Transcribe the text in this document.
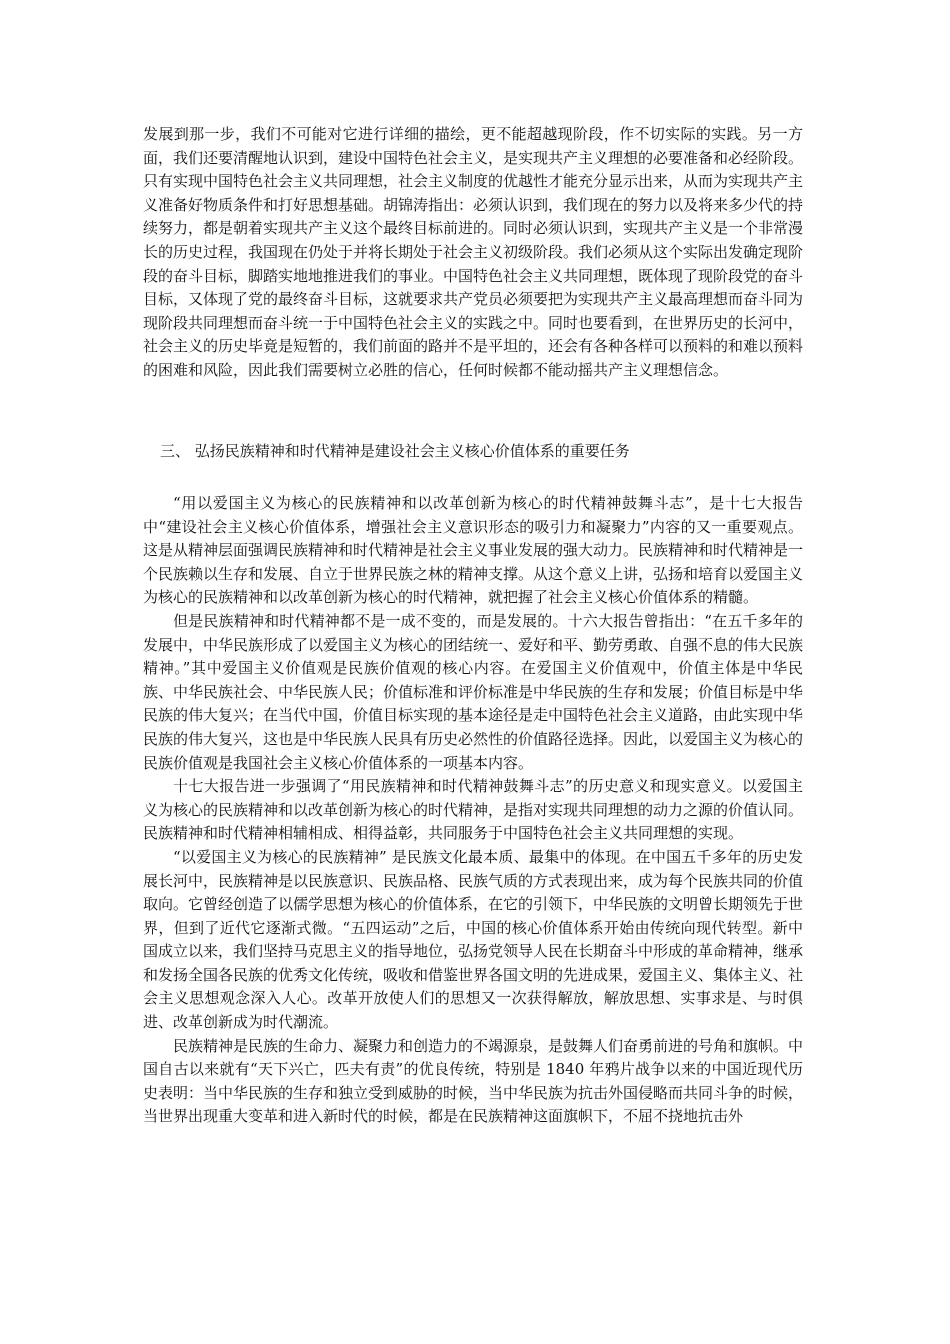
发展到那一步，我们不可能对它进行详细的描绘，更不能超越现阶段，作不切实际的实践。另一方面，我们还要清醒地认识到，建设中国特色社会主义，是实现共产主义理想的必要准备和必经阶段。只有实现中国特色社会主义共同理想，社会主义制度的优越性才能充分显示出来，从而为实现共产主义准备好物质条件和打好思想基础。胡锦涛指出：必须认识到，我们现在的努力以及将来多少代的持续努力，都是朝着实现共产主义这个最终目标前进的。同时必须认识到，实现共产主义是一个非常漫长的历史过程，我国现在仍处于并将长期处于社会主义初级阶段。我们必须从这个实际出发确定现阶段的奋斗目标，脚踏实地地推进我们的事业。中国特色社会主义共同理想，既体现了现阶段党的奋斗目标，又体现了党的最终奋斗目标，这就要求共产党员必须要把为实现共产主义最高理想而奋斗同为现阶段共同理想而奋斗统一于中国特色社会主义的实践之中。同时也要看到，在世界历史的长河中，社会主义的历史毕竟是短暂的，我们前面的路并不是平坦的，还会有各种各样可以预料的和难以预料的困难和风险，因此我们需要树立必胜的信心，任何时候都不能动摇共产主义理想信念。

三、 弘扬民族精神和时代精神是建设社会主义核心价值体系的重要任务

“用以爱国主义为核心的民族精神和以改革创新为核心的时代精神鼓舞斗志”，是十七大报告中“建设社会主义核心价值体系，增强社会主义意识形态的吸引力和凝聚力”内容的又一重要观点。这是从精神层面强调民族精神和时代精神是社会主义事业发展的强大动力。民族精神和时代精神是一个民族赖以生存和发展、自立于世界民族之林的精神支撑。从这个意义上讲，弘扬和培育以爱国主义为核心的民族精神和以改革创新为核心的时代精神，就把握了社会主义核心价值体系的精髓。

但是民族精神和时代精神都不是一成不变的，而是发展的。十六大报告曾指出：“在五千多年的发展中，中华民族形成了以爱国主义为核心的团结统一、爱好和平、勤劳勇敢、自强不息的伟大民族精神。”其中爱国主义价值观是民族价值观的核心内容。在爱国主义价值观中，价值主体是中华民族、中华民族社会、中华民族人民；价值标准和评价标准是中华民族的生存和发展；价值目标是中华民族的伟大复兴；在当代中国，价值目标实现的基本途径是走中国特色社会主义道路，由此实现中华民族的伟大复兴，这也是中华民族人民具有历史必然性的价值路径选择。因此，以爱国主义为核心的民族价值观是我国社会主义核心价值体系的一项基本内容。

十七大报告进一步强调了“用民族精神和时代精神鼓舞斗志”的历史意义和现实意义。以爱国主义为核心的民族精神和以改革创新为核心的时代精神，是指对实现共同理想的动力之源的价值认同。民族精神和时代精神相辅相成、相得益彰，共同服务于中国特色社会主义共同理想的实现。

“以爱国主义为核心的民族精神” 是民族文化最本质、最集中的体现。在中国五千多年的历史发展长河中，民族精神是以民族意识、民族品格、民族气质的方式表现出来，成为每个民族共同的价值取向。它曾经创造了以儒学思想为核心的价值体系，在它的引领下，中华民族的文明曾长期领先于世界，但到了近代它逐渐式微。“五四运动”之后，中国的核心价值体系开始由传统向现代转型。新中国成立以来，我们坚持马克思主义的指导地位，弘扬党领导人民在长期奋斗中形成的革命精神，继承和发扬全国各民族的优秀文化传统，吸收和借鉴世界各国文明的先进成果，爱国主义、集体主义、社会主义思想观念深入人心。改革开放使人们的思想又一次获得解放，解放思想、实事求是、与时俱进、改革创新成为时代潮流。

民族精神是民族的生命力、凝聚力和创造力的不竭源泉，是鼓舞人们奋勇前进的号角和旗帜。中国自古以来就有“天下兴亡，匹夫有责”的优良传统，特别是 1840 年鸦片战争以来的中国近现代历史表明：当中华民族的生存和独立受到威胁的时候，当中华民族为抗击外国侵略而共同斗争的时候，当世界出现重大变革和进入新时代的时候，都是在民族精神这面旗帜下，不屈不挠地抗击外
